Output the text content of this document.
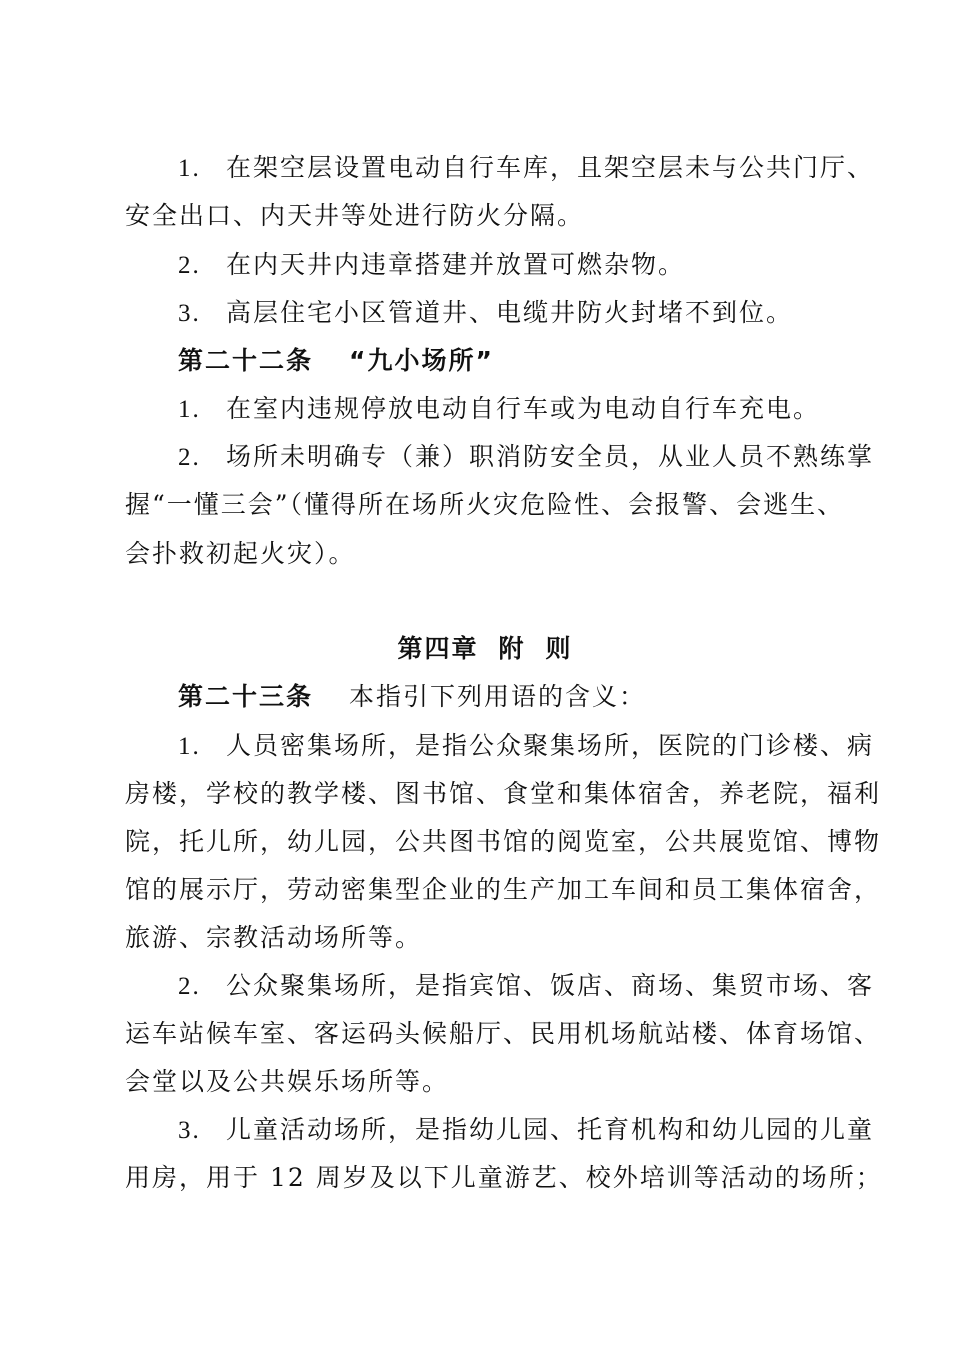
1. 在架空层设置电动自行车库，且架空层未与公共门厅、
安全出口、内天井等处进行防火分隔。
2. 在内天井内违章搭建并放置可燃杂物。
3. 高层住宅小区管道井、电缆井防火封堵不到位。
第二十二条 “九小场所”
1. 在室内违规停放电动自行车或为电动自行车充电。
2. 场所未明确专（兼）职消防安全员，从业人员不熟练掌
握“一懂三会”（懂得所在场所火灾危险性、会报警、会逃生、
会扑救初起火灾）。
第四章 附 则
第二十三条 本指引下列用语的含义：
1. 人员密集场所，是指公众聚集场所，医院的门诊楼、病
房楼，学校的教学楼、图书馆、食堂和集体宿舍，养老院，福利
院，托儿所，幼儿园，公共图书馆的阅览室，公共展览馆、博物
馆的展示厅，劳动密集型企业的生产加工车间和员工集体宿舍，
旅游、宗教活动场所等。
2. 公众聚集场所，是指宾馆、饭店、商场、集贸市场、客
运车站候车室、客运码头候船厅、民用机场航站楼、体育场馆、
会堂以及公共娱乐场所等。
3. 儿童活动场所，是指幼儿园、托育机构和幼儿园的儿童
用房，用于 12 周岁及以下儿童游艺、校外培训等活动的场所；
